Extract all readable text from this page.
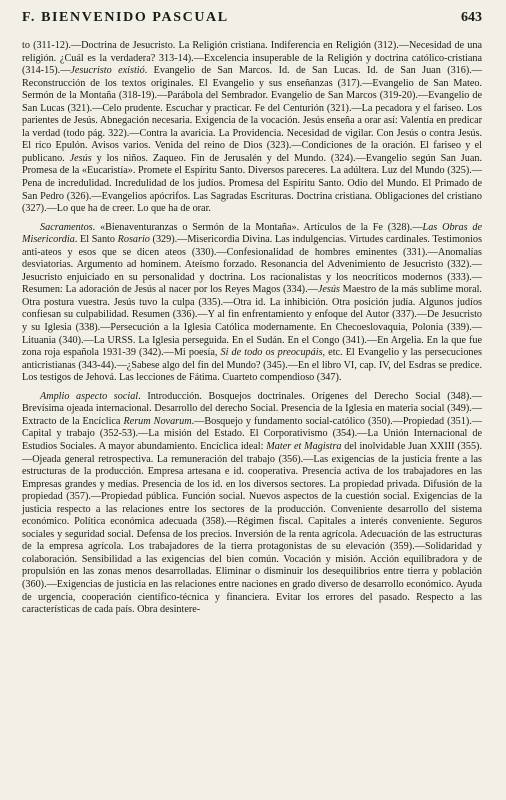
F. BIENVENIDO PASCUAL	643

to (311-12).—Doctrina de Jesucristo. La Religión cristiana. Indiferencia en Religión (312).—Necesidad de una religión. ¿Cuál es la verdadera? 313-14).—Excelencia insuperable de la Religión y doctrina católico-cristiana (314-15).—Jesucristo existió. Evangelio de San Marcos. Id. de San Lucas. Id. de San Juan (316).—Reconstrucción de los textos originales. El Evangelio y sus enseñanzas (317).—Evangelio de San Mateo. Sermón de la Montaña (318-19).—Parábola del Sembrador. Evangelio de San Marcos (319-20).—Evangelio de San Lucas (321).—Celo prudente. Escuchar y practicar. Fe del Centurión (321).—La pecadora y el fariseo. Los parientes de Jesús. Abnegación necesaria. Exigencia de la vocación. Jesús enseña a orar así: Valentía en predicar la verdad (todo pág. 322).—Contra la avaricia. La Providencia. Necesidad de vigilar. Con Jesús o contra Jesús. El rico Epulón. Avisos varios. Venida del reino de Dios (323).—Condiciones de la oración. El fariseo y el publicano. Jesús y los niños. Zaqueo. Fin de Jerusalén y del Mundo. (324).—Evangelio según San Juan. Promesa de la «Eucaristía». Promete el Espíritu Santo. Diversos pareceres. La adúltera. Luz del Mundo (325).—Pena de incredulidad. Incredulidad de los judíos. Promesa del Espíritu Santo. Odio del Mundo. El Primado de San Pedro (326).—Evangelios apócrifos. Las Sagradas Escrituras. Doctrina cristiana. Obligaciones del cristiano (327).—Lo que ha de creer. Lo que ha de orar.

Sacramentos. «Bienaventuranzas o Sermón de la Montaña». Artículos de la Fe (328).—Las Obras de Misericordia. El Santo Rosario (329).—Misericordia Divina. Las indulgencias. Virtudes cardinales. Testimonios anti-ateos y esos que se dicen ateos (330).—Confesionalidad de hombres eminentes (331).—Anomalías desviatorias. Argumento ad hominem. Ateísmo forzado. Resonancia del Advenimiento de Jesucristo (332).—Jesucristo enjuiciado en su personalidad y doctrina. Los racionalistas y los neocríticos modernos (333).—Resumen: La adoración de Jesús al nacer por los Reyes Magos (334).—Jesús Maestro de la más sublime moral. Otra postura vuestra. Jesús tuvo la culpa (335).—Otra id. La inhibición. Otra posición judía. Algunos judíos confiesan su culpabilidad. Resumen (336).—Y al fin enfrentamiento y enfoque del Autor (337).—De Jesucristo y su Iglesia (338).—Persecución a la Iglesia Católica modernamente. En Checoeslovaquia, Polonia (339).—Lituania (340).—La URSS. La Iglesia perseguida. En el Sudán. En el Congo (341).—En Argelia. En la que fue zona roja española 1931-39 (342).—Mi poesía, Si de todo os preocupáis, etc. El Evangelio y las persecuciones anticristianas (343-44).—¿Sabese algo del fin del Mundo? (345).—En el libro VI, cap. IV, del Esdras se predice. Los testigos de Jehová. Las lecciones de Fátima. Cuarteto compendioso (347).

Amplio aspecto social. Introducción. Bosquejos doctrinales. Orígenes del Derecho Social (348).—Brevísima ojeada internacional. Desarrollo del derecho Social. Presencia de la Iglesia en materia social (349).—Extracto de la Encíclica Rerum Novarum.—Bosquejo y fundamento social-católico (350).—Propiedad (351).—Capital y trabajo (352-53).—La misión del Estado. El Corporativismo (354).—La Unión Internacional de Estudios Sociales. A mayor abundamiento. Encíclica ideal: Mater et Magistra del inolvidable Juan XXIII (355).—Ojeada general retrospectiva. La remuneración del trabajo (356).—Las exigencias de la justicia frente a las estructuras de la producción. Empresa artesana e id. cooperativa. Presencia activa de los trabajadores en las Empresas grandes y medias. Presencia de los id. en los diversos sectores. La propiedad privada. Difusión de la propiedad (357).—Propiedad pública. Función social. Nuevos aspectos de la cuestión social. Exigencias de la justicia respecto a las relaciones entre los sectores de la producción. Conveniente desarrollo del sistema económico. Política económica adecuada (358).—Régimen fiscal. Capitales a interés conveniente. Seguros sociales y seguridad social. Defensa de los precios. Inversión de la renta agrícola. Adecuación de las estructuras de la empresa agrícola. Los trabajadores de la tierra protagonistas de su elevación (359).—Solidaridad y colaboración. Sensibilidad a las exigencias del bien común. Vocación y misión. Acción equilibradora y de propulsión en las zonas menos desarrolladas. Eliminar o disminuir los desequilibrios entre tierra y población (360).—Exigencias de justicia en las relaciones entre naciones en grado diverso de desarrollo económico. Ayuda de urgencia, cooperación científico-técnica y financiera. Evitar los errores del pasado. Respecto a las características de cada país. Obra desintere-
